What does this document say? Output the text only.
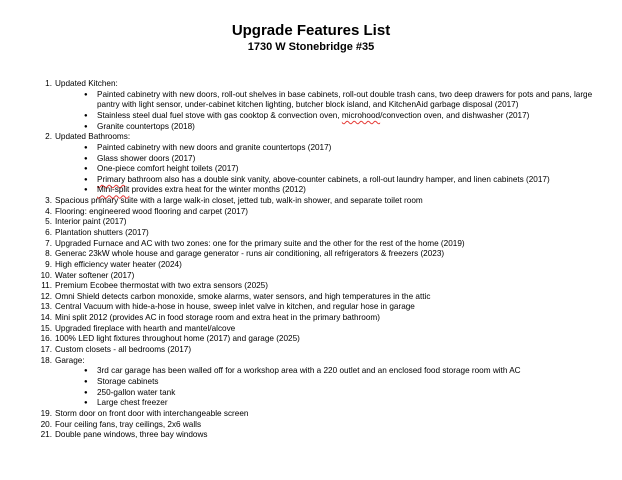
Upgrade Features List
1730 W Stonebridge #35
1. Updated Kitchen:
● Painted cabinetry with new doors, roll-out shelves in base cabinets, roll-out double trash cans, two deep drawers for pots and pans, large pantry with light sensor, under-cabinet kitchen lighting, butcher block island, and KitchenAid garbage disposal (2017)
● Stainless steel dual fuel stove with gas cooktop & convection oven, microhood/convection oven, and dishwasher (2017)
● Granite countertops (2018)
2. Updated Bathrooms:
● Painted cabinetry with new doors and granite countertops (2017)
● Glass shower doors (2017)
● One-piece comfort height toilets (2017)
● Primary bathroom also has a double sink vanity, above-counter cabinets, a roll-out laundry hamper, and linen cabinets (2017)
● Mini-split provides extra heat for the winter months (2012)
3. Spacious primary suite with a large walk-in closet, jetted tub, walk-in shower, and separate toilet room
4. Flooring: engineered wood flooring and carpet (2017)
5. Interior paint (2017)
6. Plantation shutters (2017)
7. Upgraded Furnace and AC with two zones: one for the primary suite and the other for the rest of the home (2019)
8. Generac 23kW whole house and garage generator - runs air conditioning, all refrigerators & freezers (2023)
9. High efficiency water heater (2024)
10. Water softener (2017)
11. Premium Ecobee thermostat with two extra sensors (2025)
12. Omni Shield detects carbon monoxide, smoke alarms, water sensors, and high temperatures in the attic
13. Central Vacuum with hide-a-hose in house, sweep inlet valve in kitchen, and regular hose in garage
14. Mini split 2012 (provides AC in food storage room and extra heat in the primary bathroom)
15. Upgraded fireplace with hearth and mantel/alcove
16. 100% LED light fixtures throughout home (2017) and garage (2025)
17. Custom closets - all bedrooms (2017)
18. Garage:
● 3rd car garage has been walled off for a workshop area with a 220 outlet and an enclosed food storage room with AC
● Storage cabinets
● 250-gallon water tank
● Large chest freezer
19. Storm door on front door with interchangeable screen
20. Four ceiling fans, tray ceilings, 2x6 walls
21. Double pane windows, three bay windows
